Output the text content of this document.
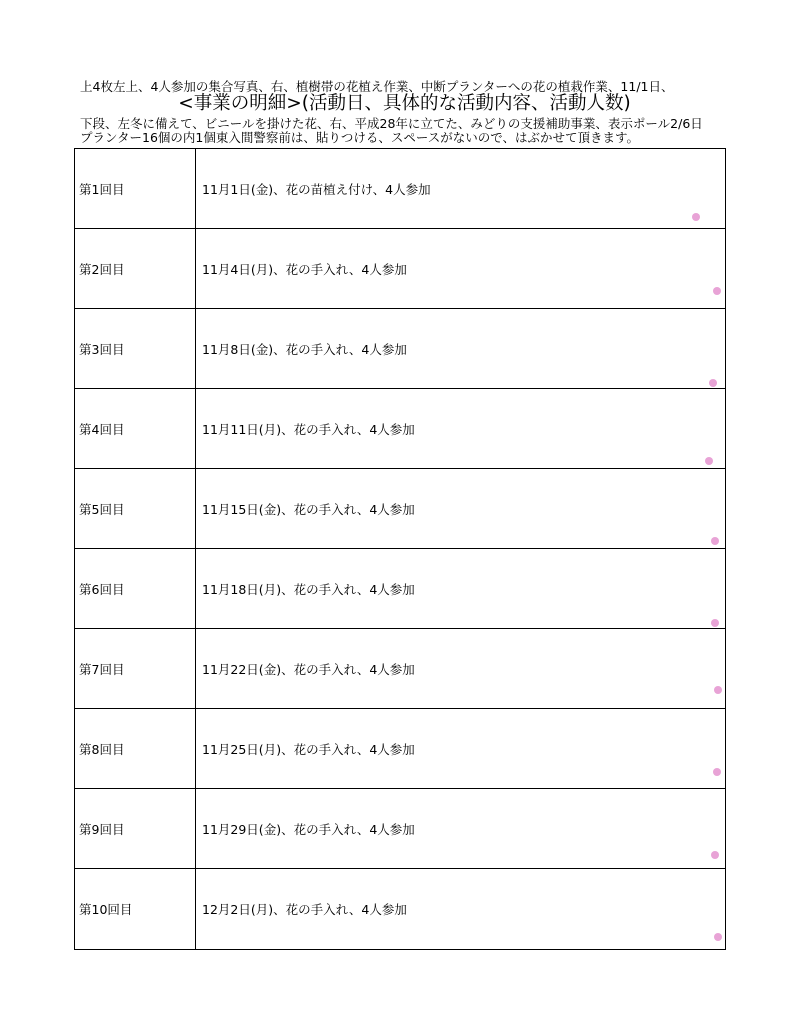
上4枚左上、4人参加の集合写真、右、植樹帯の花植え作業、中断プランターへの花の植栽作業、11/1日、
<事業の明細>(活動日、具体的な活動内容、活動人数)
下段、左冬に備えて、ビニールを掛けた花、右、平成28年に立てた、みどりの支援補助事業、表示ポール2/6日
プランター16個の内1個東入間警察前は、貼りつける、スペースがないので、はぶかせて頂きます。
第1回目	11月1日(金)、花の苗植え付け、4人参加
第2回目	11月4日(月)、花の手入れ、4人参加
第3回目	11月8日(金)、花の手入れ、4人参加
第4回目	11月11日(月)、花の手入れ、4人参加
第5回目	11月15日(金)、花の手入れ、4人参加
第6回目	11月18日(月)、花の手入れ、4人参加
第7回目	11月22日(金)、花の手入れ、4人参加
第8回目	11月25日(月)、花の手入れ、4人参加
第9回目	11月29日(金)、花の手入れ、4人参加
第10回目	12月2日(月)、花の手入れ、4人参加
